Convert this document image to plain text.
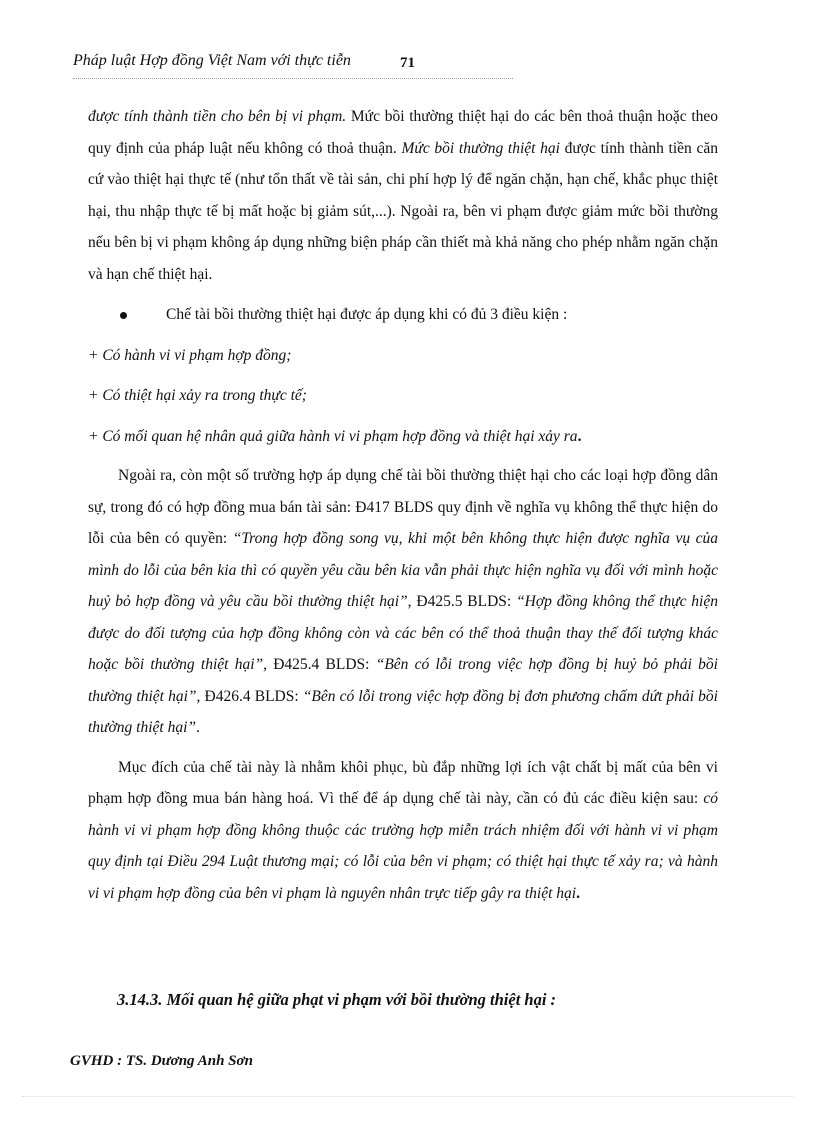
Pháp luật Hợp đồng Việt Nam với thực tiễn	71

được tính thành tiền cho bên bị vi phạm. Mức bồi thường thiệt hại do các bên thoả thuận hoặc theo quy định của pháp luật nếu không có thoả thuận. Mức bồi thường thiệt hại được tính thành tiền căn cứ vào thiệt hại thực tế (như tổn thất về tài sản, chi phí hợp lý để ngăn chặn, hạn chế, khắc phục thiệt hại, thu nhập thực tế bị mất hoặc bị giảm sút,...). Ngoài ra, bên vi phạm được giảm mức bồi thường nếu bên bị vi phạm không áp dụng những biện pháp cần thiết mà khả năng cho phép nhằm ngăn chặn và hạn chế thiệt hại.

Chế tài bồi thường thiệt hại được áp dụng khi có đủ 3 điều kiện :

+ Có hành vi vi phạm hợp đồng;

+ Có thiệt hại xảy ra trong thực tế;

+ Có mối quan hệ nhân quả giữa hành vi vi phạm hợp đồng và thiệt hại xảy ra.

Ngoài ra, còn một số trường hợp áp dụng chế tài bồi thường thiệt hại cho các loại hợp đồng dân sự, trong đó có hợp đồng mua bán tài sản: Đ417 BLDS quy định về nghĩa vụ không thể thực hiện do lỗi của bên có quyền: “Trong hợp đồng song vụ, khi một bên không thực hiện được nghĩa vụ của mình do lỗi của bên kia thì có quyền yêu cầu bên kia vẫn phải thực hiện nghĩa vụ đối với mình hoặc huỷ bỏ hợp đồng và yêu cầu bồi thường thiệt hại”, Đ425.5 BLDS: “Hợp đồng không thể thực hiện được do đối tượng của hợp đồng không còn và các bên có thể thoả thuận thay thế đối tượng khác hoặc bồi thường thiệt hại”, Đ425.4 BLDS: “Bên có lỗi trong việc hợp đồng bị huỷ bỏ phải bồi thường thiệt hại”, Đ426.4 BLDS: “Bên có lỗi trong việc hợp đồng bị đơn phương chấm dứt phải bồi thường thiệt hại”.

Mục đích của chế tài này là nhằm khôi phục, bù đắp những lợi ích vật chất bị mất của bên vi phạm hợp đồng mua bán hàng hoá. Vì thế để áp dụng chế tài này, cần có đủ các điều kiện sau: có hành vi vi phạm hợp đồng không thuộc các trường hợp miễn trách nhiệm đối với hành vi vi phạm quy định tại Điều 294 Luật thương mại; có lỗi của bên vi phạm; có thiệt hại thực tế xảy ra; và hành vi vi phạm hợp đồng của bên vi phạm là nguyên nhân trực tiếp gây ra thiệt hại.

3.14.3. Mối quan hệ giữa phạt vi phạm với bồi thường thiệt hại :
GVHD : TS. Dương Anh Sơn
